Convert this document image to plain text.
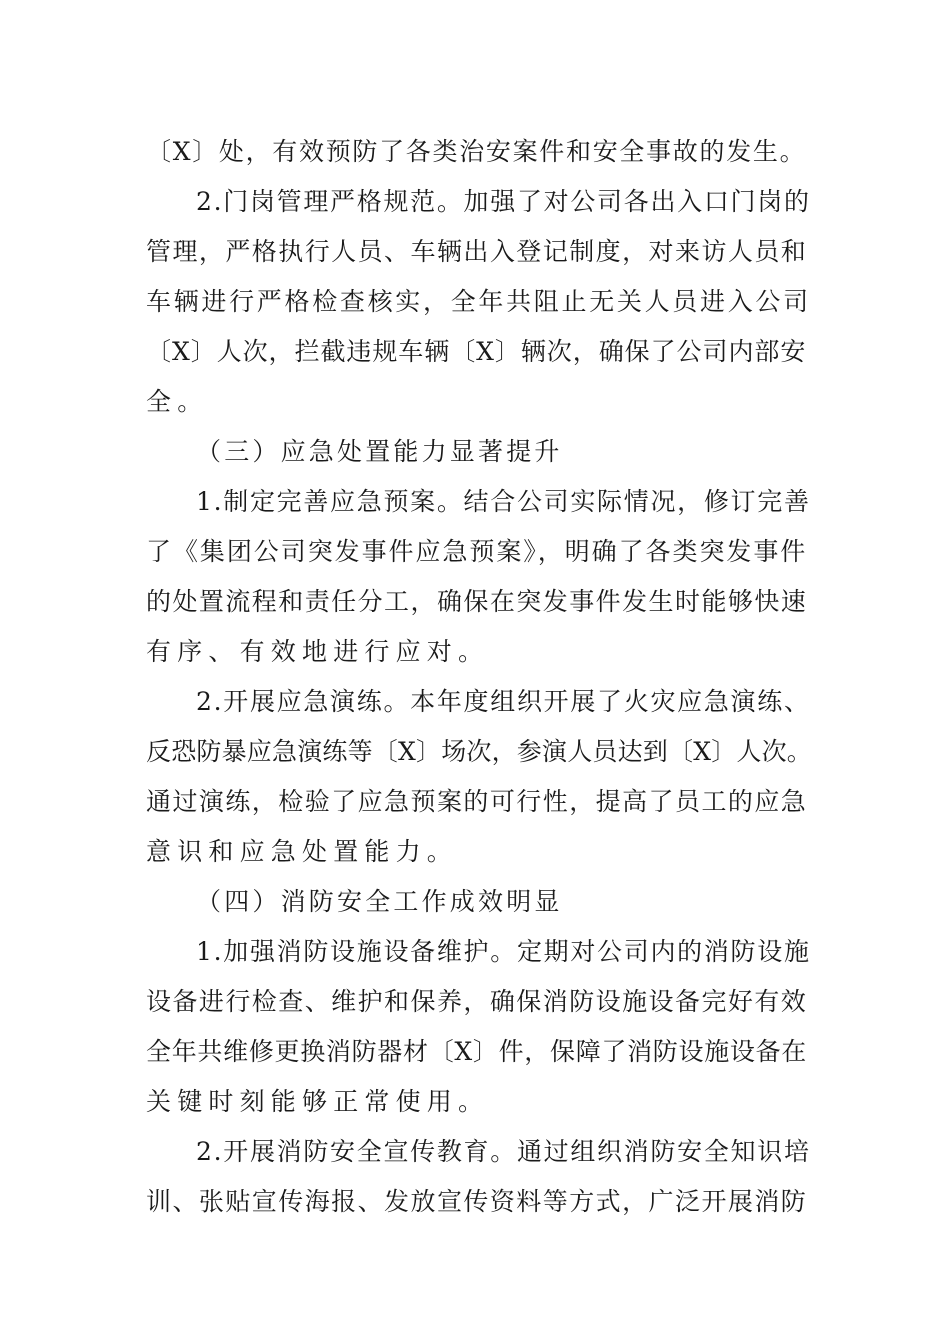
〔X〕处，有效预防了各类治安案件和安全事故的发生。
2.门岗管理严格规范。加强了对公司各出入口门岗的
管理，严格执行人员、车辆出入登记制度，对来访人员和
车辆进行严格检查核实，全年共阻止无关人员进入公司
〔X〕人次，拦截违规车辆〔X〕辆次，确保了公司内部安
全。
（三）应急处置能力显著提升
1.制定完善应急预案。结合公司实际情况，修订完善
了《集团公司突发事件应急预案》，明确了各类突发事件
的处置流程和责任分工，确保在突发事件发生时能够快速
有序、有效地进行应对。
2.开展应急演练。本年度组织开展了火灾应急演练、
反恐防暴应急演练等〔X〕场次，参演人员达到〔X〕人次。
通过演练，检验了应急预案的可行性，提高了员工的应急
意识和应急处置能力。
（四）消防安全工作成效明显
1.加强消防设施设备维护。定期对公司内的消防设施
设备进行检查、维护和保养，确保消防设施设备完好有效
全年共维修更换消防器材〔X〕件，保障了消防设施设备在
关键时刻能够正常使用。
2.开展消防安全宣传教育。通过组织消防安全知识培
训、张贴宣传海报、发放宣传资料等方式，广泛开展消防
